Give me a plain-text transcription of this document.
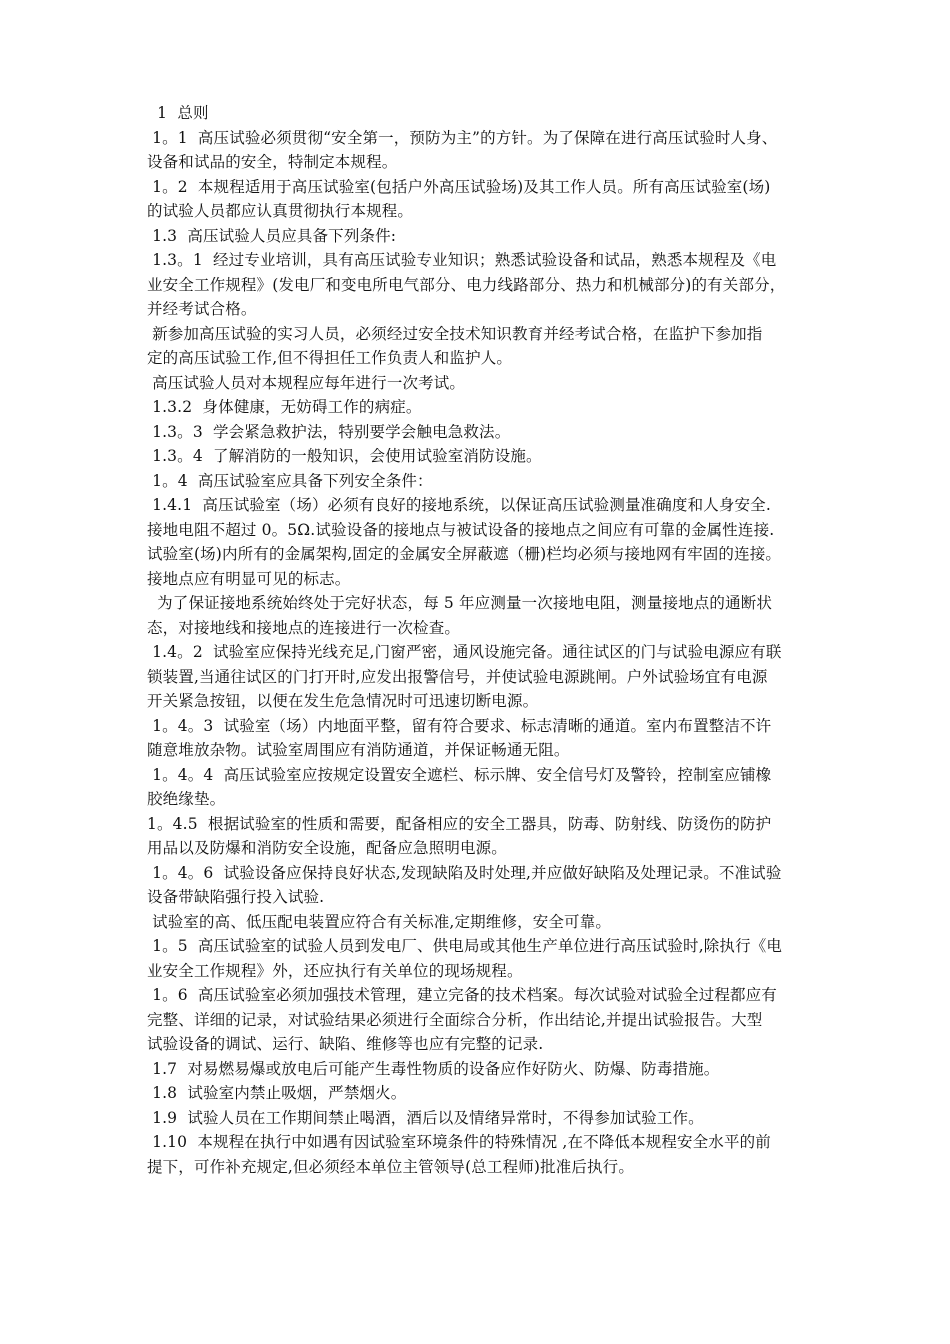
1  总则
1。1  高压试验必须贯彻“安全第一，预防为主”的方针。为了保障在进行高压试验时人身、
设备和试品的安全，特制定本规程。
1。2  本规程适用于高压试验室(包括户外高压试验场)及其工作人员。所有高压试验室(场)
的试验人员都应认真贯彻执行本规程。
1.3  高压试验人员应具备下列条件:
1.3。1  经过专业培训，具有高压试验专业知识；熟悉试验设备和试品，熟悉本规程及《电
业安全工作规程》(发电厂和变电所电气部分、电力线路部分、热力和机械部分)的有关部分，
并经考试合格。
新参加高压试验的实习人员，必须经过安全技术知识教育并经考试合格，在监护下参加指
定的高压试验工作,但不得担任工作负责人和监护人。
高压试验人员对本规程应每年进行一次考试。
1.3.2  身体健康，无妨碍工作的病症。
1.3。3  学会紧急救护法，特别要学会触电急救法。
1.3。4  了解消防的一般知识，会使用试验室消防设施。
1。4  高压试验室应具备下列安全条件：
1.4.1  高压试验室（场）必须有良好的接地系统，以保证高压试验测量准确度和人身安全.
接地电阻不超过 0。5Ω.试验设备的接地点与被试设备的接地点之间应有可靠的金属性连接.
试验室(场)内所有的金属架构,固定的金属安全屏蔽遮（栅)栏均必须与接地网有牢固的连接。
接地点应有明显可见的标志。
为了保证接地系统始终处于完好状态，每 5 年应测量一次接地电阻，测量接地点的通断状
态，对接地线和接地点的连接进行一次检查。
1.4。2  试验室应保持光线充足,门窗严密，通风设施完备。通往试区的门与试验电源应有联
锁装置,当通往试区的门打开时,应发出报警信号，并使试验电源跳闸。户外试验场宜有电源
开关紧急按钮，以便在发生危急情况时可迅速切断电源。
1。4。3  试验室（场）内地面平整，留有符合要求、标志清晰的通道。室内布置整洁不许
随意堆放杂物。试验室周围应有消防通道，并保证畅通无阻。
1。4。4  高压试验室应按规定设置安全遮栏、标示牌、安全信号灯及警铃，控制室应铺橡
胶绝缘垫。
1。4.5  根据试验室的性质和需要，配备相应的安全工器具，防毒、防射线、防烫伤的防护
用品以及防爆和消防安全设施，配备应急照明电源。
1。4。6  试验设备应保持良好状态,发现缺陷及时处理,并应做好缺陷及处理记录。不准试验
设备带缺陷强行投入试验.
试验室的高、低压配电装置应符合有关标准,定期维修，安全可靠。
1。5  高压试验室的试验人员到发电厂、供电局或其他生产单位进行高压试验时,除执行《电
业安全工作规程》外，还应执行有关单位的现场规程。
1。6  高压试验室必须加强技术管理，建立完备的技术档案。每次试验对试验全过程都应有
完整、详细的记录，对试验结果必须进行全面综合分析，作出结论,并提出试验报告。大型
试验设备的调试、运行、缺陷、维修等也应有完整的记录.
1.7  对易燃易爆或放电后可能产生毒性物质的设备应作好防火、防爆、防毒措施。
1.8  试验室内禁止吸烟，严禁烟火。
1.9  试验人员在工作期间禁止喝酒，酒后以及情绪异常时，不得参加试验工作。
1.10  本规程在执行中如遇有因试验室环境条件的特殊情况 ,在不降低本规程安全水平的前
提下，可作补充规定,但必须经本单位主管领导(总工程师)批准后执行。
